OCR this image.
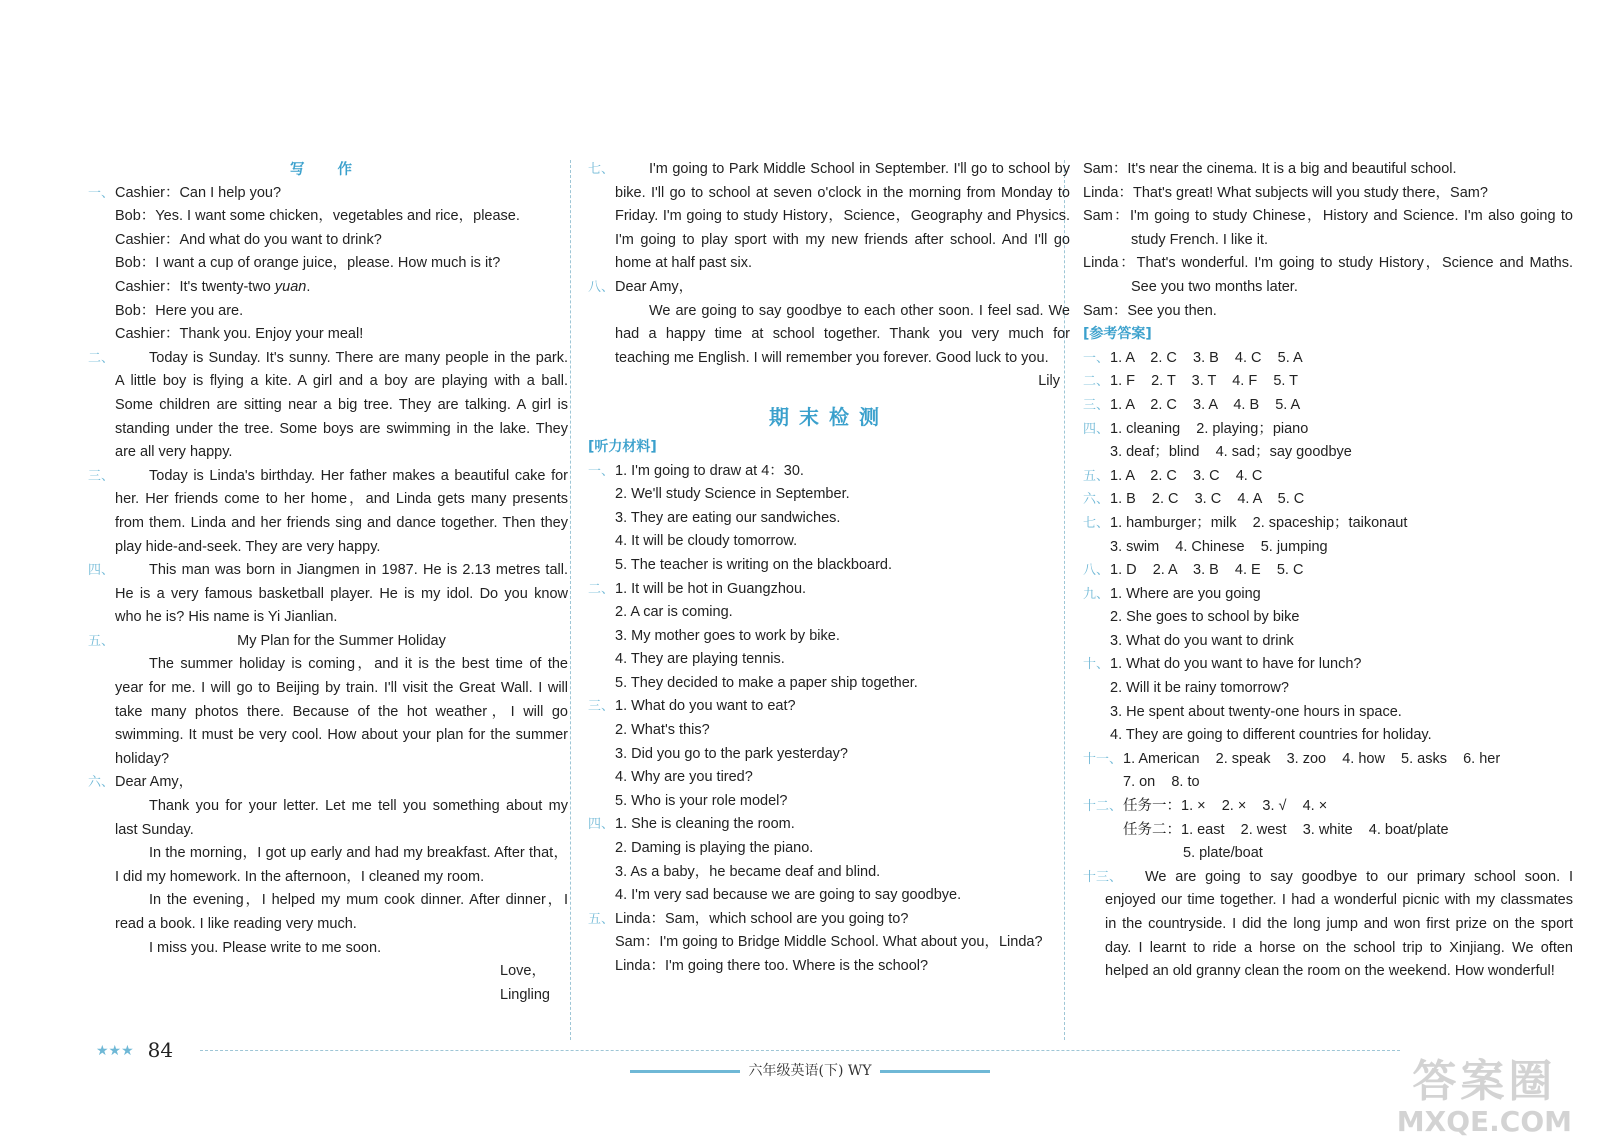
写 作
一、 Cashier：Can I help you?
Bob：Yes. I want some chicken，vegetables and rice，please.
Cashier：And what do you want to drink?
Bob：I want a cup of orange juice，please. How much is it?
Cashier：It's twenty-two yuan.
Bob：Here you are.
Cashier：Thank you. Enjoy your meal!
二、	Today is Sunday. It's sunny. There are many people in the park. A little boy is flying a kite. A girl and a boy are playing with a ball. Some children are sitting near a big tree. They are talking. A girl is standing under the tree. Some boys are swimming in the lake. They are all very happy.
三、	Today is Linda's birthday. Her father makes a beautiful cake for her. Her friends come to her home，and Linda gets many presents from them. Linda and her friends sing and dance together. Then they play hide-and-seek. They are very happy.
四、	This man was born in Jiangmen in 1987. He is 2.13 metres tall. He is a very famous basketball player. He is my idol. Do you know who he is? His name is Yi Jianlian.
五、	My Plan for the Summer Holiday
The summer holiday is coming，and it is the best time of the year for me. I will go to Beijing by train. I'll visit the Great Wall. I will take many photos there. Because of the hot weather，I will go swimming. It must be very cool. How about your plan for the summer holiday?
六、 Dear Amy，
Thank you for your letter. Let me tell you something about my last Sunday.
In the morning，I got up early and had my breakfast. After that，I did my homework. In the afternoon，I cleaned my room.
In the evening，I helped my mum cook dinner. After dinner，I read a book. I like reading very much.
I miss you. Please write to me soon.
Love，
Lingling
七、	I'm going to Park Middle School in September. I'll go to school by bike. I'll go to school at seven o'clock in the morning from Monday to Friday. I'm going to study History，Science，Geography and Physics. I'm going to play sport with my new friends after school. And I'll go home at half past six.
八、 Dear Amy，
We are going to say goodbye to each other soon. I feel sad. We had a happy time at school together. Thank you very much for teaching me English. I will remember you forever. Good luck to you.
Lily
期末检测
[听力材料]
一、 1. I'm going to draw at 4：30.
2. We'll study Science in September.
3. They are eating our sandwiches.
4. It will be cloudy tomorrow.
5. The teacher is writing on the blackboard.
二、 1. It will be hot in Guangzhou.
2. A car is coming.
3. My mother goes to work by bike.
4. They are playing tennis.
5. They decided to make a paper ship together.
三、 1. What do you want to eat?
2. What's this?
3. Did you go to the park yesterday?
4. Why are you tired?
5. Who is your role model?
四、 1. She is cleaning the room.
2. Daming is playing the piano.
3. As a baby，he became deaf and blind.
4. I'm very sad because we are going to say goodbye.
五、 Linda：Sam，which school are you going to?
Sam：I'm going to Bridge Middle School. What about you，Linda?
Linda：I'm going there too. Where is the school?
Sam：It's near the cinema. It is a big and beautiful school.
Linda：That's great! What subjects will you study there，Sam?
Sam：I'm going to study Chinese，History and Science. I'm also going to study French. I like it.
Linda：That's wonderful. I'm going to study History，Science and Maths. See you two months later.
Sam：See you then.
[参考答案]
一、 1. A    2. C    3. B    4. C    5. A
二、 1. F    2. T    3. T    4. F    5. T
三、 1. A    2. C    3. A    4. B    5. A
四、 1. cleaning    2. playing；piano
3. deaf；blind    4. sad；say goodbye
五、 1. A    2. C    3. C    4. C
六、 1. B    2. C    3. C    4. A    5. C
七、 1. hamburger；milk    2. spaceship；taikonaut
3. swim    4. Chinese    5. jumping
八、 1. D    2. A    3. B    4. E    5. C
九、 1. Where are you going
2. She goes to school by bike
3. What do you want to drink
十、 1. What do you want to have for lunch?
2. Will it be rainy tomorrow?
3. He spent about twenty-one hours in space.
4. They are going to different countries for holiday.
十一、 1. American    2. speak    3. zoo    4. how    5. asks    6. her
7. on    8. to
十二、 任务一：1. ×    2. ×    3. √    4. ×
任务二：1. east    2. west    3. white    4. boat/plate
5. plate/boat
十三、	We are going to say goodbye to our primary school soon. I enjoyed our time together. I had a wonderful picnic with my classmates in the countryside. I did the long jump and won first prize on the sport day. I learnt to ride a horse on the school trip to Xinjiang. We often helped an old granny clean the room on the weekend. How wonderful!
★★★ 84
六年级英语(下) WY	答案圈
MXQE.COM
